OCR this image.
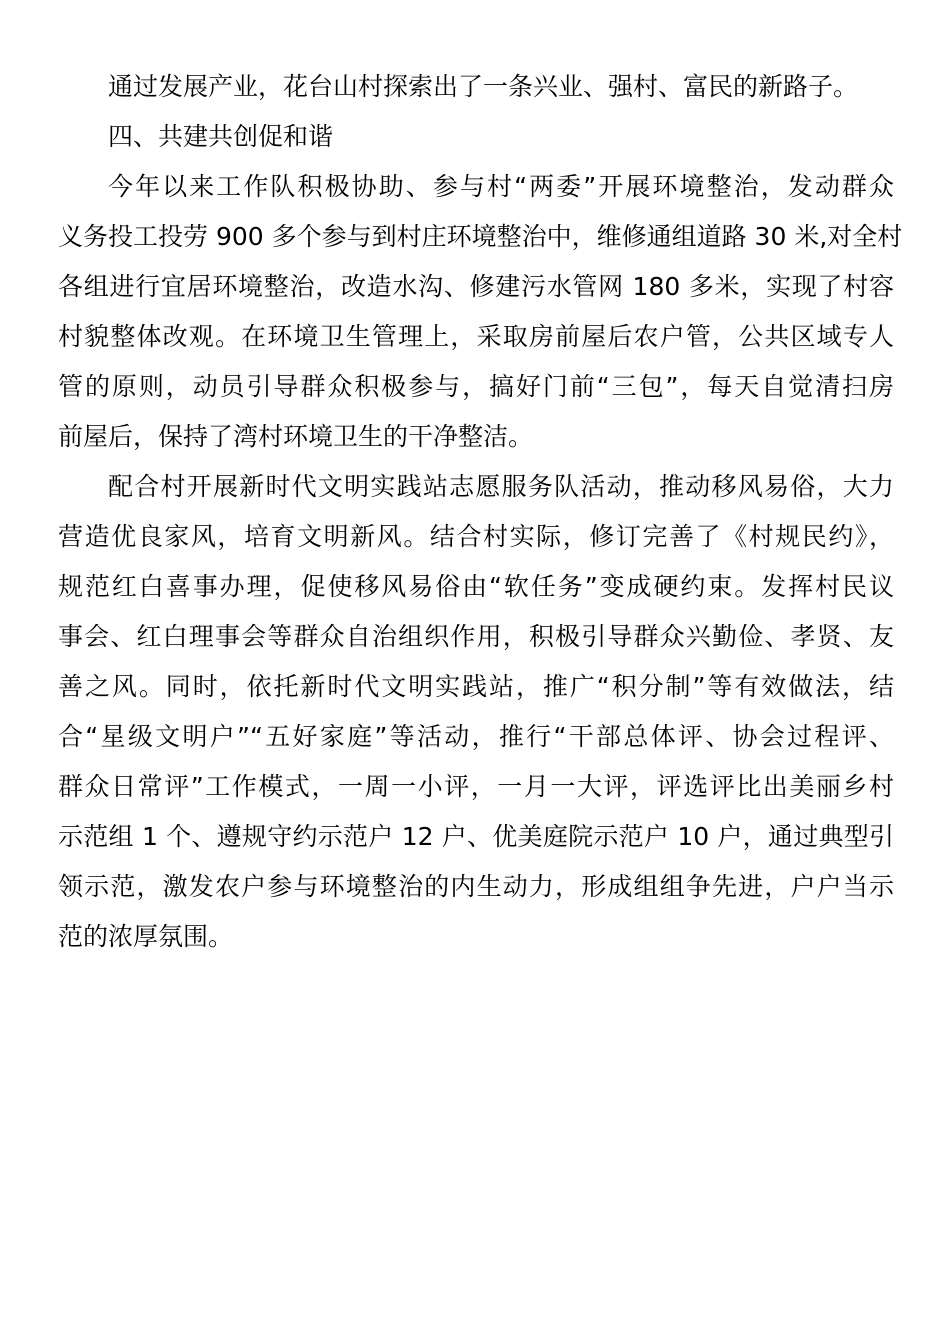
通过发展产业，花台山村探索出了一条兴业、强村、富民的新路子。
四、共建共创促和谐
今年以来工作队积极协助、参与村“两委”开展环境整治，发动群众
义务投工投劳 900 多个参与到村庄环境整治中，维修通组道路 30 米,对全村
各组进行宜居环境整治，改造水沟、修建污水管网 180 多米，实现了村容
村貌整体改观。在环境卫生管理上，采取房前屋后农户管，公共区域专人
管的原则，动员引导群众积极参与，搞好门前“三包”，每天自觉清扫房
前屋后，保持了湾村环境卫生的干净整洁。
配合村开展新时代文明实践站志愿服务队活动，推动移风易俗，大力
营造优良家风，培育文明新风。结合村实际，修订完善了《村规民约》，
规范红白喜事办理，促使移风易俗由“软任务”变成硬约束。发挥村民议
事会、红白理事会等群众自治组织作用，积极引导群众兴勤俭、孝贤、友
善之风。同时，依托新时代文明实践站，推广“积分制”等有效做法，结
合“星级文明户”“五好家庭”等活动，推行“干部总体评、协会过程评、
群众日常评”工作模式，一周一小评，一月一大评，评选评比出美丽乡村
示范组 1 个、遵规守约示范户 12 户、优美庭院示范户 10 户，通过典型引
领示范，激发农户参与环境整治的内生动力，形成组组争先进，户户当示
范的浓厚氛围。
